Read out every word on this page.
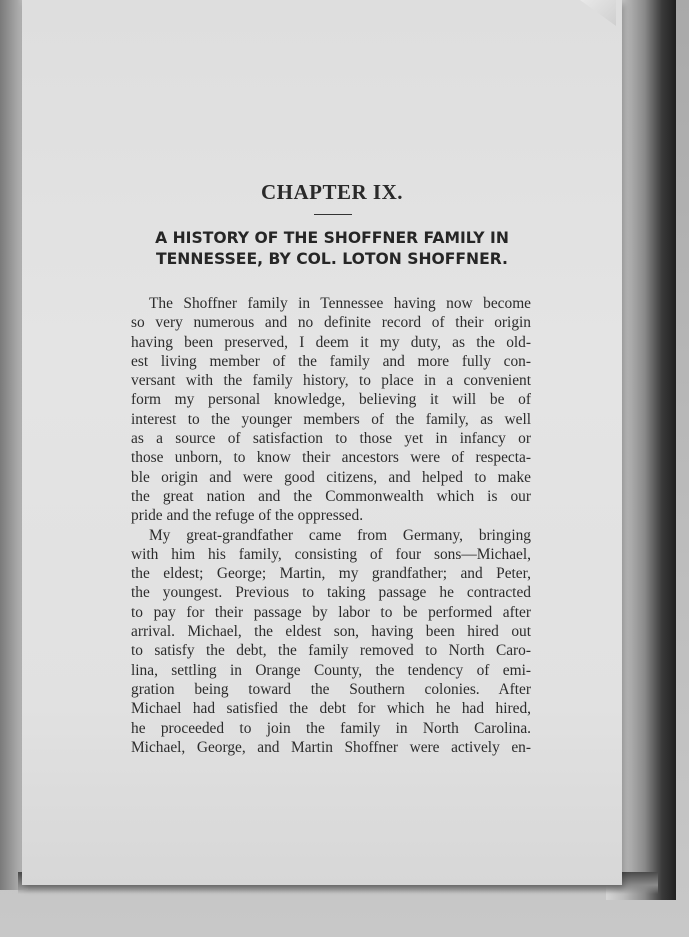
CHAPTER IX.
A HISTORY OF THE SHOFFNER FAMILY IN
TENNESSEE, BY COL. LOTON SHOFFNER.
The Shoffner family in Tennessee having now become
so very numerous and no definite record of their origin
having been preserved, I deem it my duty, as the old-
est living member of the family and more fully con-
versant with the family history, to place in a convenient
form my personal knowledge, believing it will be of
interest to the younger members of the family, as well
as a source of satisfaction to those yet in infancy or
those unborn, to know their ancestors were of respecta-
ble origin and were good citizens, and helped to make
the great nation and the Commonwealth which is our
pride and the refuge of the oppressed.
My great-grandfather came from Germany, bringing
with him his family, consisting of four sons—Michael,
the eldest; George; Martin, my grandfather; and Peter,
the youngest. Previous to taking passage he contracted
to pay for their passage by labor to be performed after
arrival. Michael, the eldest son, having been hired out
to satisfy the debt, the family removed to North Caro-
lina, settling in Orange County, the tendency of emi-
gration being toward the Southern colonies. After
Michael had satisfied the debt for which he had hired,
he proceeded to join the family in North Carolina.
Michael, George, and Martin Shoffner were actively en-
